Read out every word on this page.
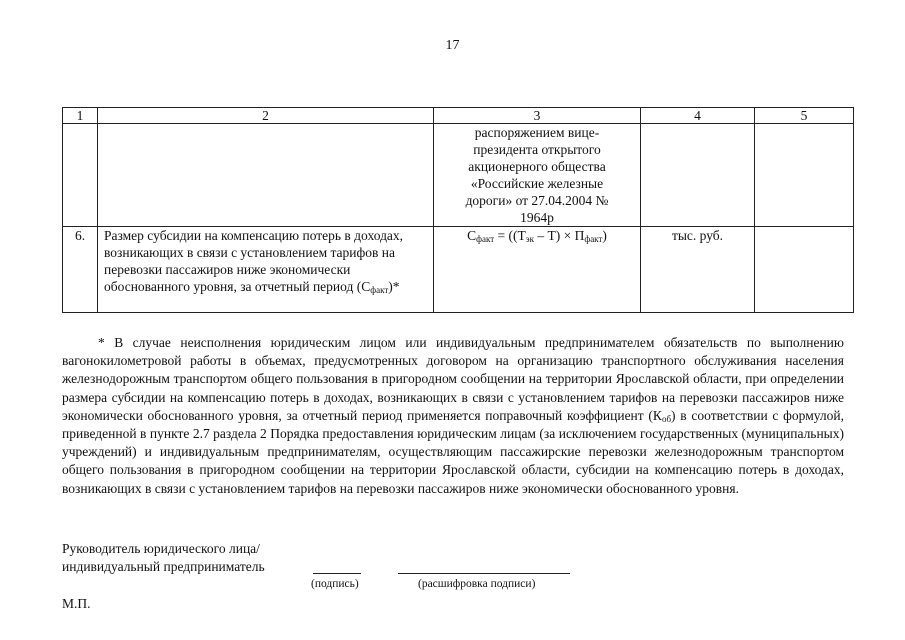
17
1	2	3	4	5
		распоряжением вице-президента открытого акционерного общества «Российские железные дороги» от 27.04.2004 № 1964р		
6.	Размер субсидии на компенсацию потерь в доходах, возникающих в связи с установлением тарифов на перевозки пассажиров ниже экономически обоснованного уровня, за отчетный период $(С_{факт})*$	$С_{факт} = ((Т_{эк} - Т) \times П_{факт})$	тыс. руб.	

* В случае неисполнения юридическим лицом или индивидуальным предпринимателем обязательств по выполнению вагонокилометровой работы в объемах, предусмотренных договором на организацию транспортного обслуживания населения железнодорожным транспортом общего пользования в пригородном сообщении на территории Ярославской области, при определении размера субсидии на компенсацию потерь в доходах, возникающих в связи с установлением тарифов на перевозки пассажиров ниже экономически обоснованного уровня, за отчетный период применяется поправочный коэффициент $(К_{об})$ в соответствии с формулой, приведенной в пункте 2.7 раздела 2 Порядка предоставления юридическим лицам (за исключением государственных (муниципальных) учреждений) и индивидуальным предпринимателям, осуществляющим пассажирские перевозки железнодорожным транспортом общего пользования в пригородном сообщении на территории Ярославской области, субсидии на компенсацию потерь в доходах, возникающих в связи с установлением тарифов на перевозки пассажиров ниже экономически обоснованного уровня.

Руководитель юридического лица/
индивидуальный предприниматель
(подпись)	(расшифровка подписи)
М.П.
